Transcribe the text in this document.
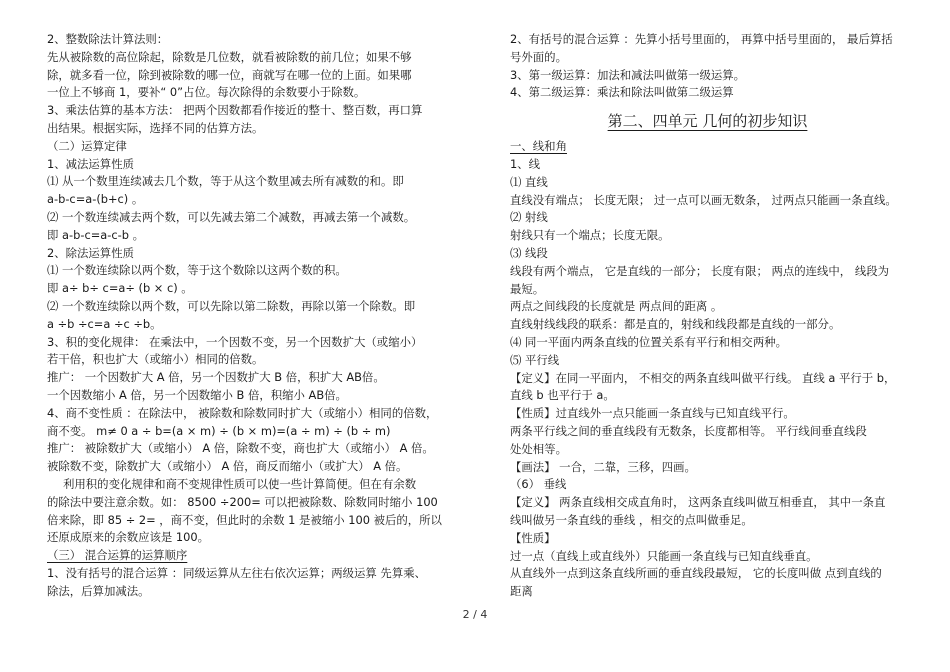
2、整数除法计算法则：
先从被除数的高位除起，除数是几位数，就看被除数的前几位；如果不够
除，就多看一位，除到被除数的哪一位，商就写在哪一位的上面。如果哪
一位上不够商 1，要补“ 0”占位。每次除得的余数要小于除数。
3、乘法估算的基本方法： 把两个因数都看作接近的整十、整百数，再口算
出结果。根据实际，选择不同的估算方法。
（二）运算定律
1、减法运算性质
⑴ 从一个数里连续减去几个数，等于从这个数里减去所有减数的和。即
a-b-c=a-(b+c) 。
⑵ 一个数连续减去两个数，可以先减去第二个减数，再减去第一个减数。
即 a-b-c=a-c-b 。
2、除法运算性质
⑴ 一个数连续除以两个数，等于这个数除以这两个数的积。
即 a÷ b÷ c=a÷ (b × c) 。
⑵ 一个数连续除以两个数，可以先除以第二除数，再除以第一个除数。即
a ÷b ÷c=a ÷c ÷b。
3、积的变化规律： 在乘法中，一个因数不变，另一个因数扩大（或缩小）
若干倍，积也扩大（或缩小）相同的倍数。
推广： 一个因数扩大 A 倍，另一个因数扩大 B 倍，积扩大 AB倍。
一个因数缩小 A 倍，另一个因数缩小 B 倍，积缩小 AB倍。
4、商不变性质 ：在除法中， 被除数和除数同时扩大（或缩小）相同的倍数，
商不变。 m≠ 0 a ÷ b=(a × m) ÷ (b × m)=(a ÷ m) ÷ (b ÷ m)
推广： 被除数扩大（或缩小） A 倍，除数不变，商也扩大（或缩小） A 倍。
被除数不变，除数扩大（或缩小） A 倍，商反而缩小（或扩大） A 倍。
利用积的变化规律和商不变规律性质可以使一些计算简便。但在有余数
的除法中要注意余数。如： 8500 ÷200= 可以把被除数、除数同时缩小 100
倍来除，即 85 ÷ 2= ，商不变，但此时的余数 1 是被缩小 100 被后的，所以
还原成原来的余数应该是 100。
（三） 混合运算的运算顺序
1、没有括号的混合运算 ：同级运算从左往右依次运算；两级运算 先算乘、
除法，后算加减法。
2、有括号的混合运算 ：先算小括号里面的， 再算中括号里面的， 最后算括
号外面的。
3、第一级运算：加法和减法叫做第一级运算。
4、第二级运算：乘法和除法叫做第二级运算
第二、四单元 几何的初步知识
一、线和角
1、线
⑴ 直线
直线没有端点； 长度无限； 过一点可以画无数条， 过两点只能画一条直线。
⑵ 射线
射线只有一个端点；长度无限。
⑶ 线段
线段有两个端点， 它是直线的一部分； 长度有限； 两点的连线中， 线段为
最短。
两点之间线段的长度就是 两点间的距离 。
直线射线线段的联系：都是直的，射线和线段都是直线的一部分。
⑷ 同一平面内两条直线的位置关系有平行和相交两种。
⑸ 平行线
【定义】在同一平面内， 不相交的两条直线叫做平行线。 直线 a 平行于 b，
直线 b 也平行于 a。
【性质】过直线外一点只能画一条直线与已知直线平行。
两条平行线之间的垂直线段有无数条，长度都相等。 平行线间垂直线段
处处相等。
【画法】 一合，二靠，三移，四画。
（6） 垂线
【定义】 两条直线相交成直角时， 这两条直线叫做互相垂直， 其中一条直
线叫做另一条直线的垂线 ，相交的点叫做垂足。
【性质】
过一点（直线上或直线外）只能画一条直线与已知直线垂直。
从直线外一点到这条直线所画的垂直线段最短， 它的长度叫做 点到直线的
距离
2 / 4
